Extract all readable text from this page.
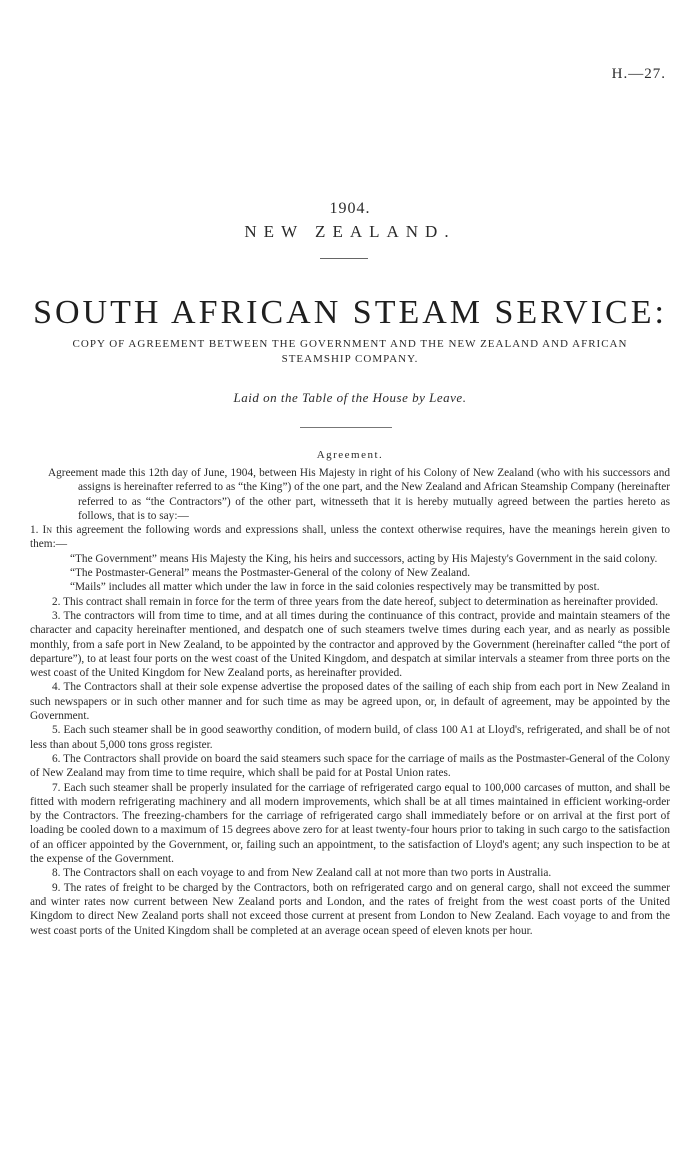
H.—27.
1904.
NEW ZEALAND.
SOUTH AFRICAN STEAM SERVICE:
COPY OF AGREEMENT BETWEEN THE GOVERNMENT AND THE NEW ZEALAND AND AFRICAN STEAMSHIP COMPANY.
Laid on the Table of the House by Leave.
Agreement.

Agreement made this 12th day of June, 1904, between His Majesty in right of his Colony of New Zealand (who with his successors and assigns is hereinafter referred to as “the King”) of the one part, and the New Zealand and African Steamship Company (hereinafter referred to as “the Contractors”) of the other part, witnesseth that it is hereby mutually agreed between the parties hereto as follows, that is to say:—

1. In this agreement the following words and expressions shall, unless the context otherwise requires, have the meanings herein given to them:—

“The Government” means His Majesty the King, his heirs and successors, acting by His Majesty's Government in the said colony.

“The Postmaster-General” means the Postmaster-General of the colony of New Zealand.

“Mails” includes all matter which under the law in force in the said colonies respectively may be transmitted by post.

2. This contract shall remain in force for the term of three years from the date hereof, subject to determination as hereinafter provided.

3. The contractors will from time to time, and at all times during the continuance of this contract, provide and maintain steamers of the character and capacity hereinafter mentioned, and despatch one of such steamers twelve times during each year, and as nearly as possible monthly, from a safe port in New Zealand, to be appointed by the contractor and approved by the Government (hereinafter called “the port of departure”), to at least four ports on the west coast of the United Kingdom, and despatch at similar intervals a steamer from three ports on the west coast of the United Kingdom for New Zealand ports, as hereinafter provided.

4. The Contractors shall at their sole expense advertise the proposed dates of the sailing of each ship from each port in New Zealand in such newspapers or in such other manner and for such time as may be agreed upon, or, in default of agreement, may be appointed by the Government.

5. Each such steamer shall be in good seaworthy condition, of modern build, of class 100 A1 at Lloyd's, refrigerated, and shall be of not less than about 5,000 tons gross register.

6. The Contractors shall provide on board the said steamers such space for the carriage of mails as the Postmaster-General of the Colony of New Zealand may from time to time require, which shall be paid for at Postal Union rates.

7. Each such steamer shall be properly insulated for the carriage of refrigerated cargo equal to 100,000 carcases of mutton, and shall be fitted with modern refrigerating machinery and all modern improvements, which shall be at all times maintained in efficient working-order by the Contractors. The freezing-chambers for the carriage of refrigerated cargo shall immediately before or on arrival at the first port of loading be cooled down to a maximum of 15 degrees above zero for at least twenty-four hours prior to taking in such cargo to the satisfaction of an officer appointed by the Government, or, failing such an appointment, to the satisfaction of Lloyd's agent; any such inspection to be at the expense of the Government.

8. The Contractors shall on each voyage to and from New Zealand call at not more than two ports in Australia.

9. The rates of freight to be charged by the Contractors, both on refrigerated cargo and on general cargo, shall not exceed the summer and winter rates now current between New Zealand ports and London, and the rates of freight from the west coast ports of the United Kingdom to direct New Zealand ports shall not exceed those current at present from London to New Zealand. Each voyage to and from the west coast ports of the United Kingdom shall be completed at an average ocean speed of eleven knots per hour.
